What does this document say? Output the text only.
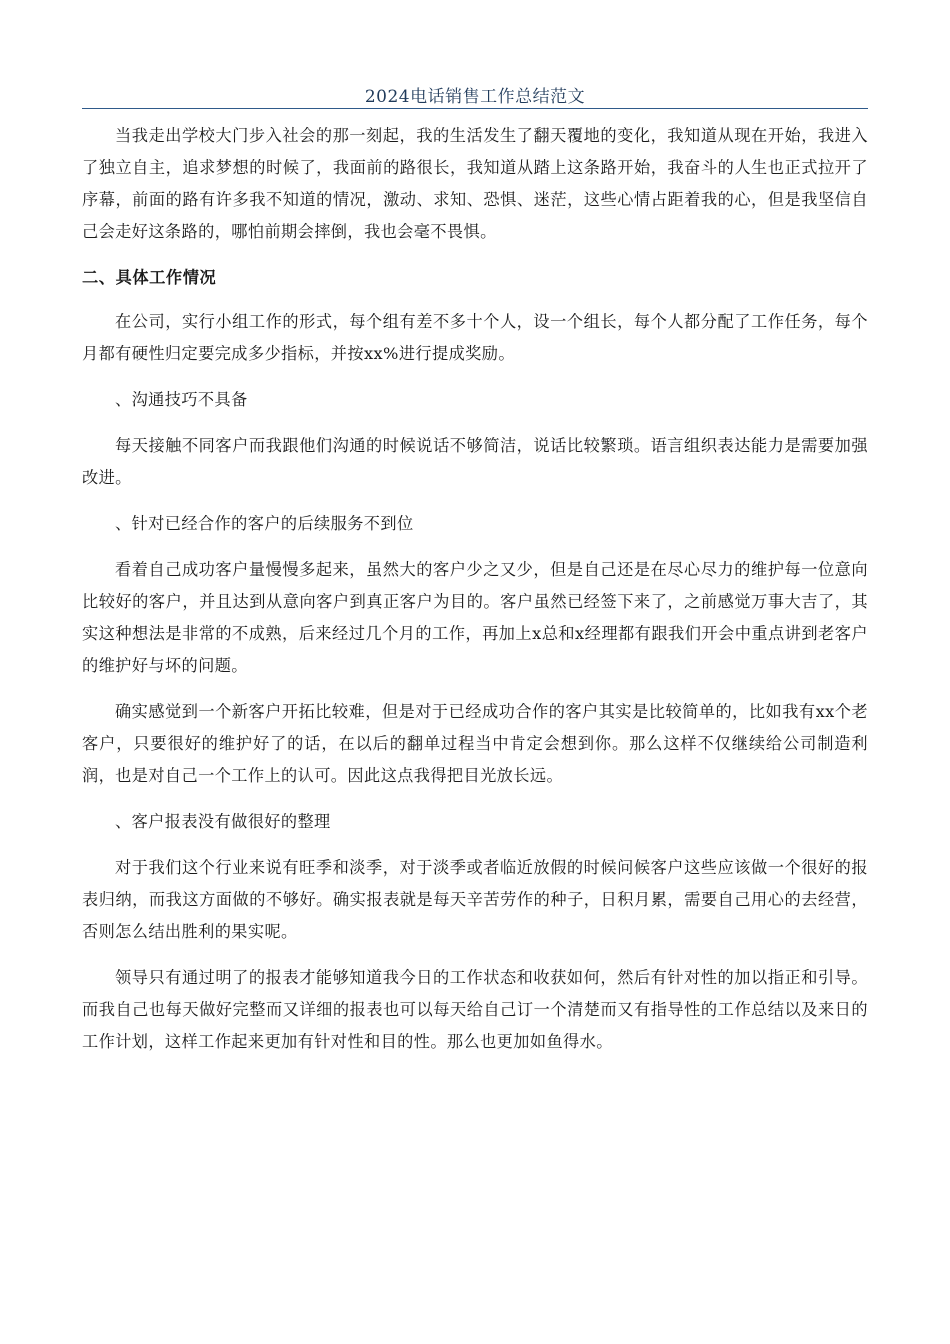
2024电话销售工作总结范文

当我走出学校大门步入社会的那一刻起，我的生活发生了翻天覆地的变化，我知道从现在开始，我进入了独立自主，追求梦想的时候了，我面前的路很长，我知道从踏上这条路开始，我奋斗的人生也正式拉开了序幕，前面的路有许多我不知道的情况，激动、求知、恐惧、迷茫，这些心情占距着我的心，但是我坚信自己会走好这条路的，哪怕前期会摔倒，我也会毫不畏惧。

二、具体工作情况

在公司，实行小组工作的形式，每个组有差不多十个人，设一个组长，每个人都分配了工作任务，每个月都有硬性归定要完成多少指标，并按xx%进行提成奖励。

、沟通技巧不具备

每天接触不同客户而我跟他们沟通的时候说话不够简洁，说话比较繁琐。语言组织表达能力是需要加强改进。

、针对已经合作的客户的后续服务不到位

看着自己成功客户量慢慢多起来，虽然大的客户少之又少，但是自己还是在尽心尽力的维护每一位意向比较好的客户，并且达到从意向客户到真正客户为目的。客户虽然已经签下来了，之前感觉万事大吉了，其实这种想法是非常的不成熟，后来经过几个月的工作，再加上x总和x经理都有跟我们开会中重点讲到老客户的维护好与坏的问题。

确实感觉到一个新客户开拓比较难，但是对于已经成功合作的客户其实是比较简单的，比如我有xx个老客户，只要很好的维护好了的话，在以后的翻单过程当中肯定会想到你。那么这样不仅继续给公司制造利润，也是对自己一个工作上的认可。因此这点我得把目光放长远。

、客户报表没有做很好的整理

对于我们这个行业来说有旺季和淡季，对于淡季或者临近放假的时候问候客户这些应该做一个很好的报表归纳，而我这方面做的不够好。确实报表就是每天辛苦劳作的种子，日积月累，需要自己用心的去经营，否则怎么结出胜利的果实呢。

领导只有通过明了的报表才能够知道我今日的工作状态和收获如何，然后有针对性的加以指正和引导。而我自己也每天做好完整而又详细的报表也可以每天给自己订一个清楚而又有指导性的工作总结以及来日的工作计划，这样工作起来更加有针对性和目的性。那么也更加如鱼得水。
